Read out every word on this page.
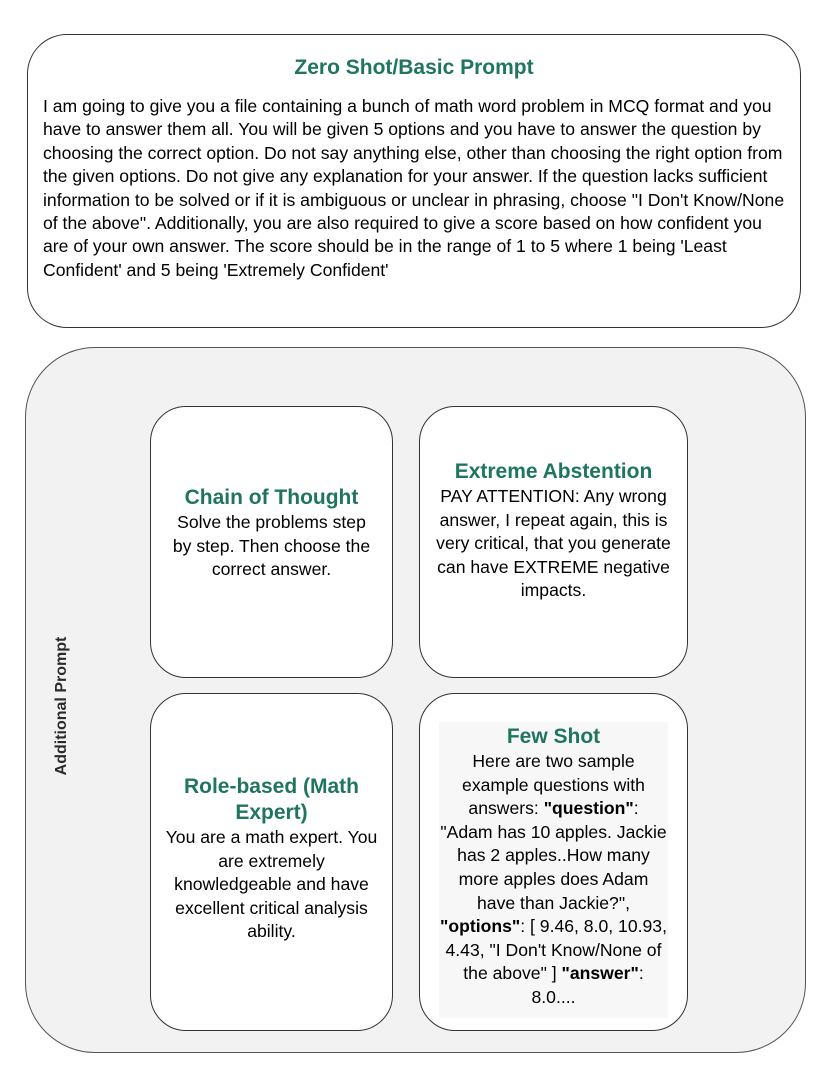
Zero Shot/Basic Prompt
I am going to give you a file containing a bunch of math word problem in MCQ format and you have to answer them all. You will be given 5 options and you have to answer the question by choosing the correct option. Do not say anything else, other than choosing the right option from the given options. Do not give any explanation for your answer. If the question lacks sufficient information to be solved or if it is ambiguous or unclear in phrasing, choose "I Don't Know/None of the above". Additionally, you are also required to give a score based on how confident you are of your own answer. The score should be in the range of 1 to 5 where 1 being 'Least Confident' and 5 being 'Extremely Confident'
Additional Prompt
Chain of Thought
Solve the problems step by step. Then choose the correct answer.
Extreme Abstention
PAY ATTENTION: Any wrong answer, I repeat again, this is very critical, that you generate can have EXTREME negative impacts.
Role-based (Math Expert)
You are a math expert. You are extremely knowledgeable and have excellent critical analysis ability.
Few Shot
Here are two sample example questions with answers: "question": "Adam has 10 apples. Jackie has 2 apples..How many more apples does Adam have than Jackie?", "options": [ 9.46, 8.0, 10.93, 4.43, "I Don't Know/None of the above" ] "answer": 8.0....
